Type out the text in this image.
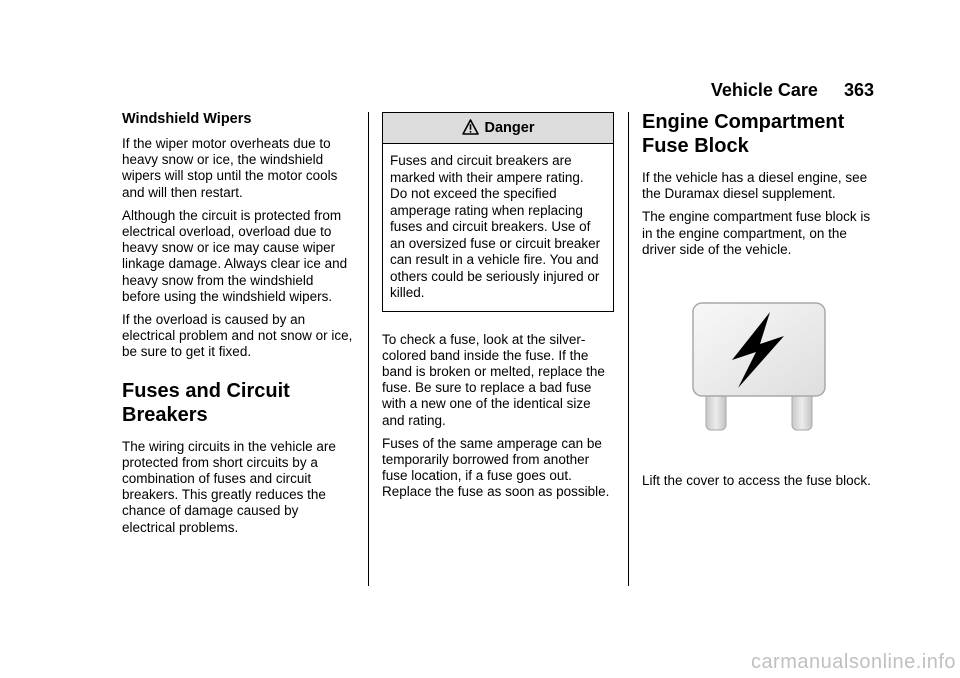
Vehicle Care 363
Windshield Wipers

If the wiper motor overheats due to heavy snow or ice, the windshield wipers will stop until the motor cools and will then restart.

Although the circuit is protected from electrical overload, overload due to heavy snow or ice may cause wiper linkage damage. Always clear ice and heavy snow from the windshield before using the windshield wipers.

If the overload is caused by an electrical problem and not snow or ice, be sure to get it fixed.

Fuses and Circuit Breakers

The wiring circuits in the vehicle are protected from short circuits by a combination of fuses and circuit breakers. This greatly reduces the chance of damage caused by electrical problems.

Danger

Fuses and circuit breakers are marked with their ampere rating. Do not exceed the specified amperage rating when replacing fuses and circuit breakers. Use of an oversized fuse or circuit breaker can result in a vehicle fire. You and others could be seriously injured or killed.

To check a fuse, look at the silver-colored band inside the fuse. If the band is broken or melted, replace the fuse. Be sure to replace a bad fuse with a new one of the identical size and rating.

Fuses of the same amperage can be temporarily borrowed from another fuse location, if a fuse goes out. Replace the fuse as soon as possible.

Engine Compartment Fuse Block

If the vehicle has a diesel engine, see the Duramax diesel supplement.

The engine compartment fuse block is in the engine compartment, on the driver side of the vehicle.

Lift the cover to access the fuse block.

carmanualsonline.info
